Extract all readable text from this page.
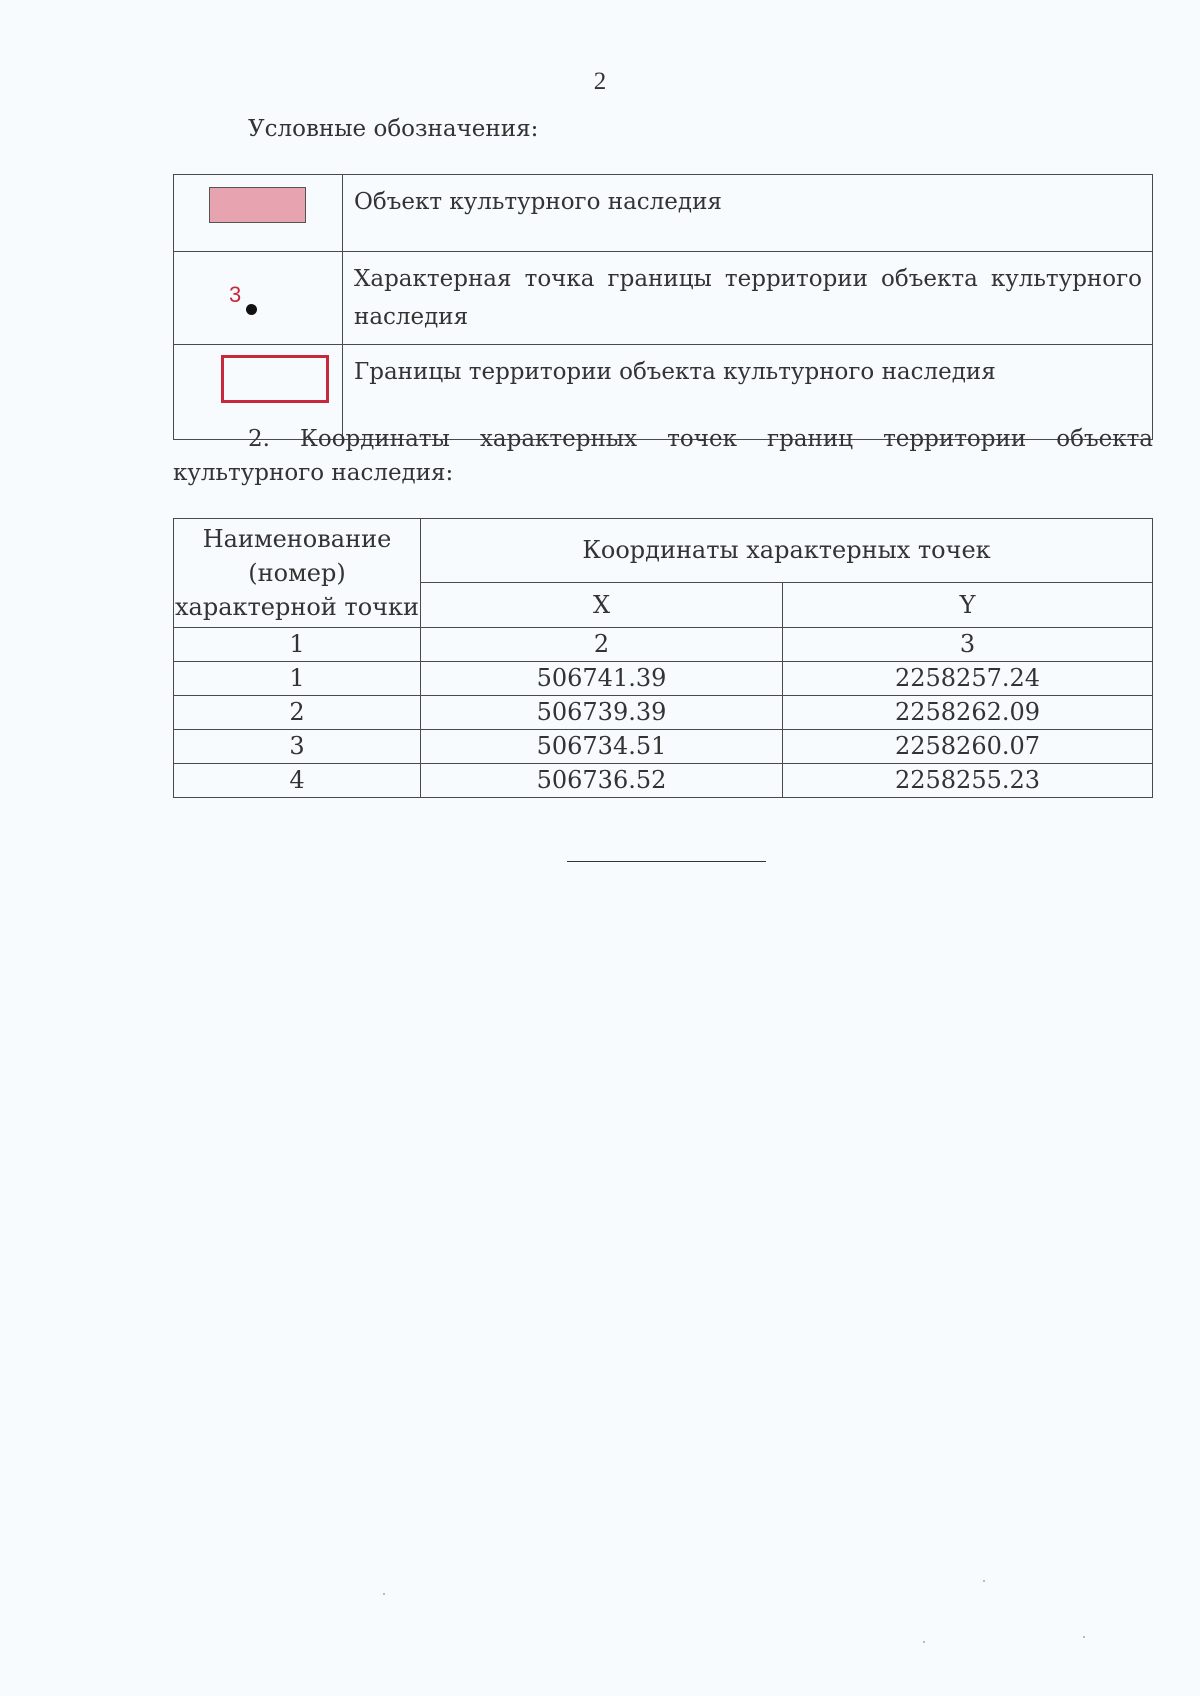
2
Условные обозначения:
	Объект культурного наследия

3	Характерная точка границы территории объекта культурного наследия

	Границы территории объекта культурного наследия
2. Координаты характерных точек границ территории объекта культурного наследия:
Наименование (номер) характерной точки	Координаты характерных точек	
	X	Y
1	2	3
1	506741.39	2258257.24
2	506739.39	2258262.09
3	506734.51	2258260.07
4	506736.52	2258255.23
